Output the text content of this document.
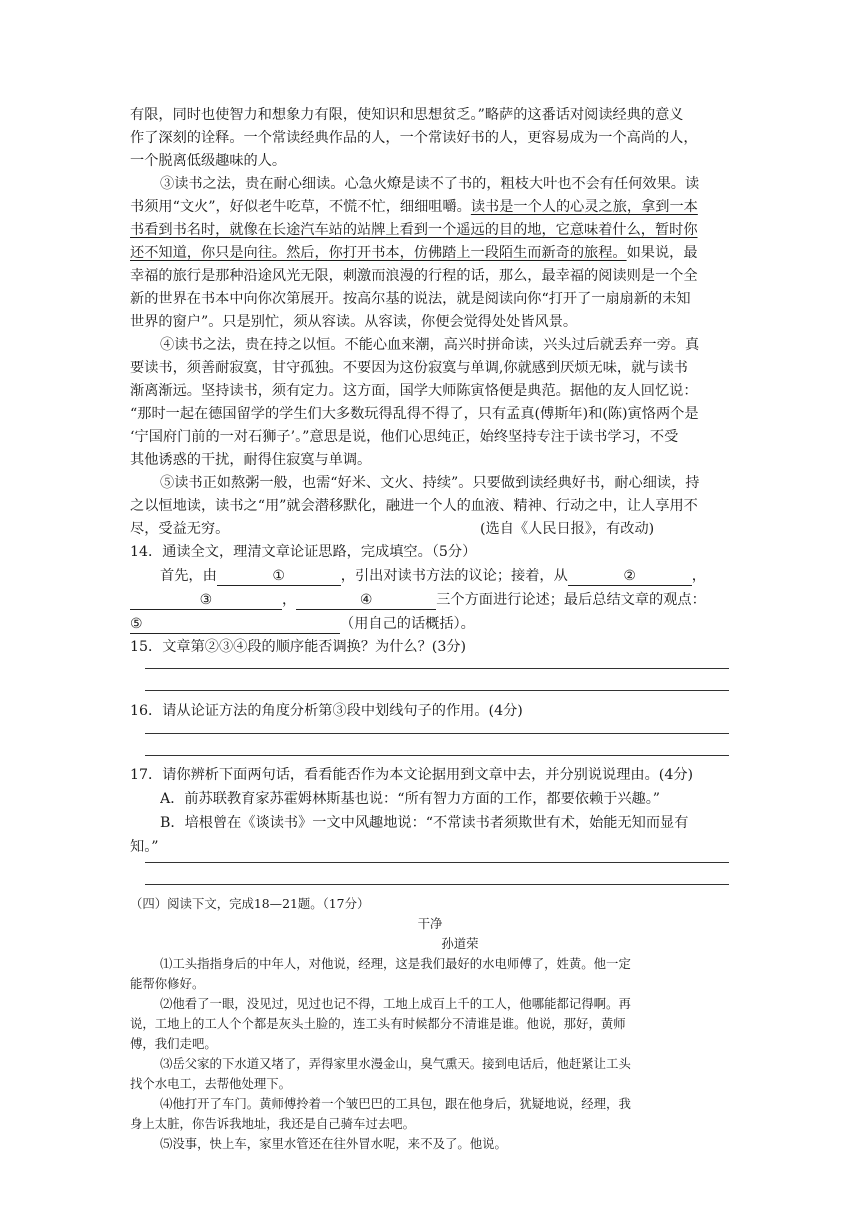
有限，同时也使智力和想象力有限，使知识和思想贫乏。”略萨的这番话对阅读经典的意义
作了深刻的诠释。一个常读经典作品的人，一个常读好书的人，更容易成为一个高尚的人，
一个脱离低级趣味的人。
③读书之法，贵在耐心细读。心急火燎是读不了书的，粗枝大叶也不会有任何效果。读
书须用“文火”，好似老牛吃草，不慌不忙，细细咀嚼。读书是一个人的心灵之旅，拿到一本
书看到书名时，就像在长途汽车站的站牌上看到一个遥远的目的地，它意味着什么，暂时你
还不知道，你只是向往。然后，你打开书本，仿佛踏上一段陌生而新奇的旅程。如果说，最
幸福的旅行是那种沿途风光无限，刺激而浪漫的行程的话，那么，最幸福的阅读则是一个全
新的世界在书本中向你次第展开。按高尔基的说法，就是阅读向你“打开了一扇扇新的未知
世界的窗户”。只是别忙，须从容读。从容读，你便会觉得处处皆风景。
④读书之法，贵在持之以恒。不能心血来潮，高兴时拼命读，兴头过后就丢弃一旁。真
要读书，须善耐寂寞，甘守孤独。不要因为这份寂寞与单调,你就感到厌烦无味，就与读书
渐离渐远。坚持读书，须有定力。这方面，国学大师陈寅恪便是典范。据他的友人回忆说：
“那时一起在德国留学的学生们大多数玩得乱得不得了，只有孟真(傅斯年)和(陈)寅恪两个是
‘宁国府门前的一对石狮子’。”意思是说，他们心思纯正，始终坚持专注于读书学习，不受
其他诱惑的干扰，耐得住寂寞与单调。
⑤读书正如熬粥一般，也需“好米、文火、持续”。只要做到读经典好书，耐心细读，持
之以恒地读，读书之“用”就会潜移默化，融进一个人的血液、精神、行动之中，让人享用不
尽，受益无穷。	(选自《人民日报》，有改动)
14．通读全文，理清文章论证思路，完成填空。（5分）
首先，由	①	，引出对读书方法的议论；接着，从	②	，
③	，	④	三个方面进行论述；最后总结文章的观点：
⑤	（用自己的话概括）。
15．文章第②③④段的顺序能否调换？为什么？(3分)
16．请从论证方法的角度分析第③段中划线句子的作用。(4分)
17．请你辨析下面两句话，看看能否作为本文论据用到文章中去，并分别说说理由。(4分)
A．前苏联教育家苏霍姆林斯基也说：“所有智力方面的工作，都要依赖于兴趣。”
B．培根曾在《谈读书》一文中风趣地说：“不常读书者须欺世有术，始能无知而显有
知。”
（四）阅读下文，完成18—21题。（17分）
干净
孙道荣
⑴工头指指身后的中年人，对他说，经理，这是我们最好的水电师傅了，姓黄。他一定
能帮你修好。
⑵他看了一眼，没见过，见过也记不得，工地上成百上千的工人，他哪能都记得啊。再
说，工地上的工人个个都是灰头土脸的，连工头有时候都分不清谁是谁。他说，那好，黄师
傅，我们走吧。
⑶岳父家的下水道又堵了，弄得家里水漫金山，臭气熏天。接到电话后，他赶紧让工头
找个水电工，去帮他处理下。
⑷他打开了车门。黄师傅拎着一个皱巴巴的工具包，跟在他身后，犹疑地说，经理，我
身上太脏，你告诉我地址，我还是自己骑车过去吧。
⑸没事，快上车，家里水管还在往外冒水呢，来不及了。他说。
